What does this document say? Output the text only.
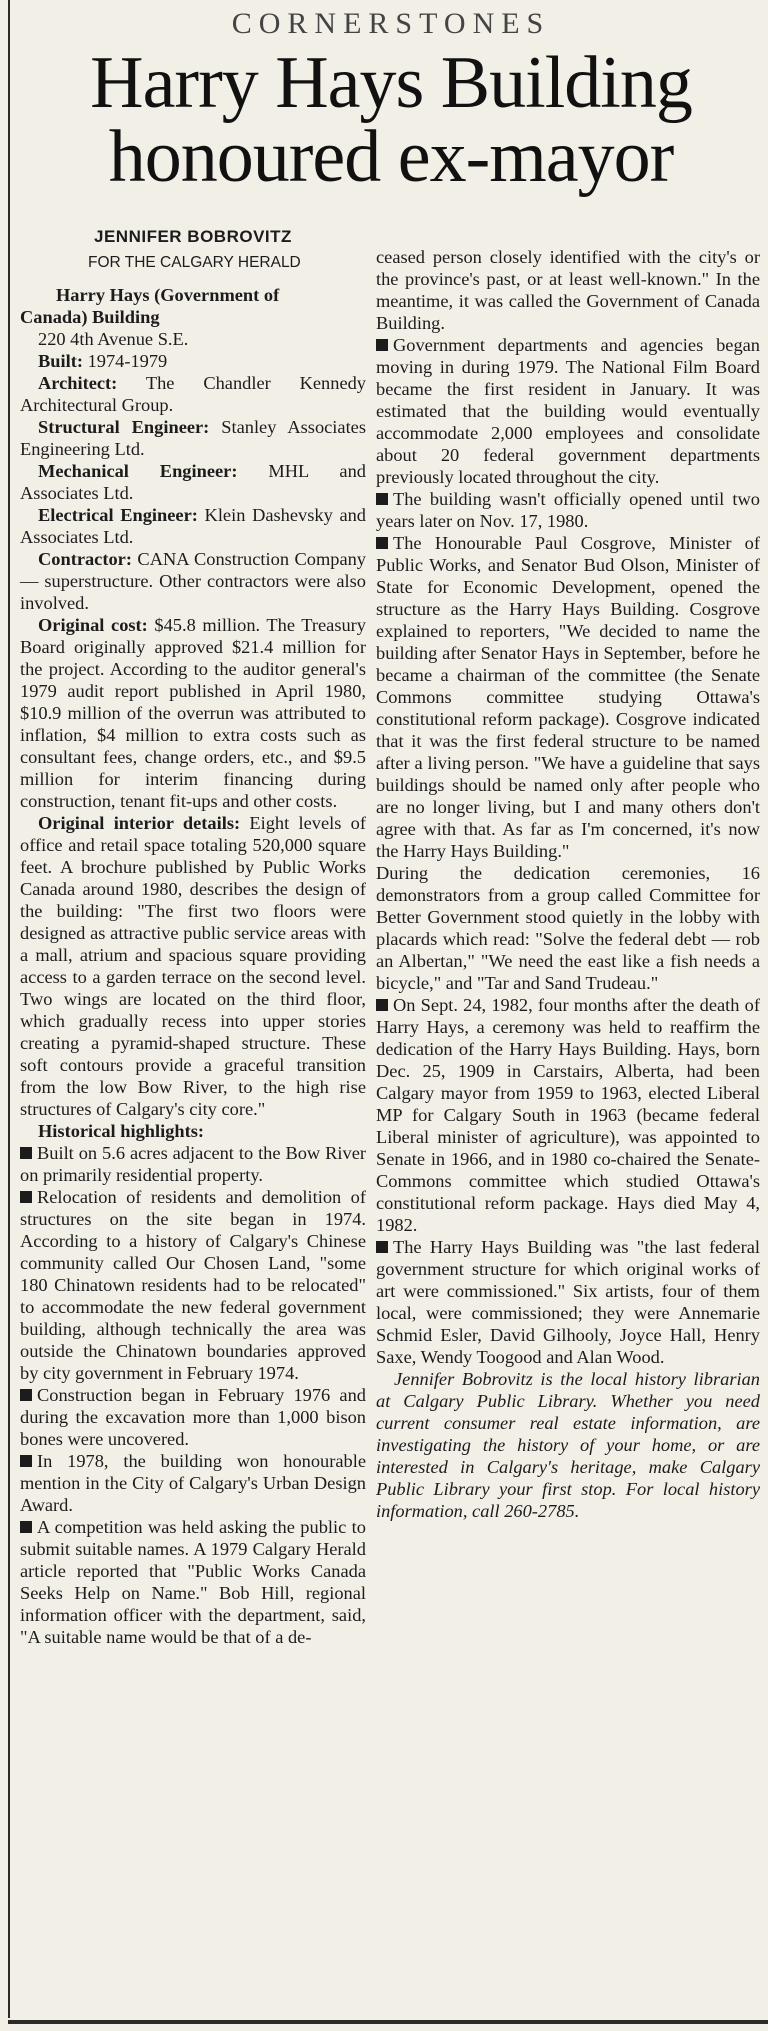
CORNERSTONES
Harry Hays Building
honoured ex-mayor
JENNIFER BOBROVITZ
FOR THE CALGARY HERALD

Harry Hays (Government of
Canada) Building

220 4th Avenue S.E.

Built: 1974-1979

Architect: The Chandler Kennedy Architectural Group.

Structural Engineer: Stanley Associates Engineering Ltd.

Mechanical Engineer: MHL and Associates Ltd.

Electrical Engineer: Klein Dashevsky and Associates Ltd.

Contractor: CANA Construction Company — superstructure. Other contractors were also involved.

Original cost: $45.8 million. The Treasury Board originally approved $21.4 million for the project. According to the auditor general's 1979 audit report published in April 1980, $10.9 million of the overrun was attributed to inflation, $4 million to extra costs such as consultant fees, change orders, etc., and $9.5 million for interim financing during construction, tenant fit-ups and other costs.

Original interior details: Eight levels of office and retail space totaling 520,000 square feet. A brochure published by Public Works Canada around 1980, describes the design of the building: "The first two floors were designed as attractive public service areas with a mall, atrium and spacious square providing access to a garden terrace on the second level. Two wings are located on the third floor, which gradually recess into upper stories creating a pyramid-shaped structure. These soft contours provide a graceful transition from the low Bow River, to the high rise structures of Calgary's city core."

Historical highlights:

Built on 5.6 acres adjacent to the Bow River on primarily residential property.

Relocation of residents and demolition of structures on the site began in 1974. According to a history of Calgary's Chinese community called Our Chosen Land, "some 180 Chinatown residents had to be relocated" to accommodate the new federal government building, although technically the area was outside the Chinatown boundaries approved by city government in February 1974.

Construction began in February 1976 and during the excavation more than 1,000 bison bones were uncovered.

In 1978, the building won honourable mention in the City of Calgary's Urban Design Award.

A competition was held asking the public to submit suitable names. A 1979 Calgary Herald article reported that "Public Works Canada Seeks Help on Name." Bob Hill, regional information officer with the department, said, "A suitable name would be that of a de-

ceased person closely identified with the city's or the province's past, or at least well-known." In the meantime, it was called the Government of Canada Building.

Government departments and agencies began moving in during 1979. The National Film Board became the first resident in January. It was estimated that the building would eventually accommodate 2,000 employees and consolidate about 20 federal government departments previously located throughout the city.

The building wasn't officially opened until two years later on Nov. 17, 1980.

The Honourable Paul Cosgrove, Minister of Public Works, and Senator Bud Olson, Minister of State for Economic Development, opened the structure as the Harry Hays Building. Cosgrove explained to reporters, "We decided to name the building after Senator Hays in September, before he became a chairman of the committee (the Senate Commons committee studying Ottawa's constitutional reform package). Cosgrove indicated that it was the first federal structure to be named after a living person. "We have a guideline that says buildings should be named only after people who are no longer living, but I and many others don't agree with that. As far as I'm concerned, it's now the Harry Hays Building."

During the dedication ceremonies, 16 demonstrators from a group called Committee for Better Government stood quietly in the lobby with placards which read: "Solve the federal debt — rob an Albertan," "We need the east like a fish needs a bicycle," and "Tar and Sand Trudeau."

On Sept. 24, 1982, four months after the death of Harry Hays, a ceremony was held to reaffirm the dedication of the Harry Hays Building. Hays, born Dec. 25, 1909 in Carstairs, Alberta, had been Calgary mayor from 1959 to 1963, elected Liberal MP for Calgary South in 1963 (became federal Liberal minister of agriculture), was appointed to Senate in 1966, and in 1980 co-chaired the Senate-Commons committee which studied Ottawa's constitutional reform package. Hays died May 4, 1982.

The Harry Hays Building was "the last federal government structure for which original works of art were commissioned." Six artists, four of them local, were commissioned; they were Annemarie Schmid Esler, David Gilhooly, Joyce Hall, Henry Saxe, Wendy Toogood and Alan Wood.

Jennifer Bobrovitz is the local history librarian at Calgary Public Library. Whether you need current consumer real estate information, are investigating the history of your home, or are interested in Calgary's heritage, make Calgary Public Library your first stop. For local history information, call 260-2785.
